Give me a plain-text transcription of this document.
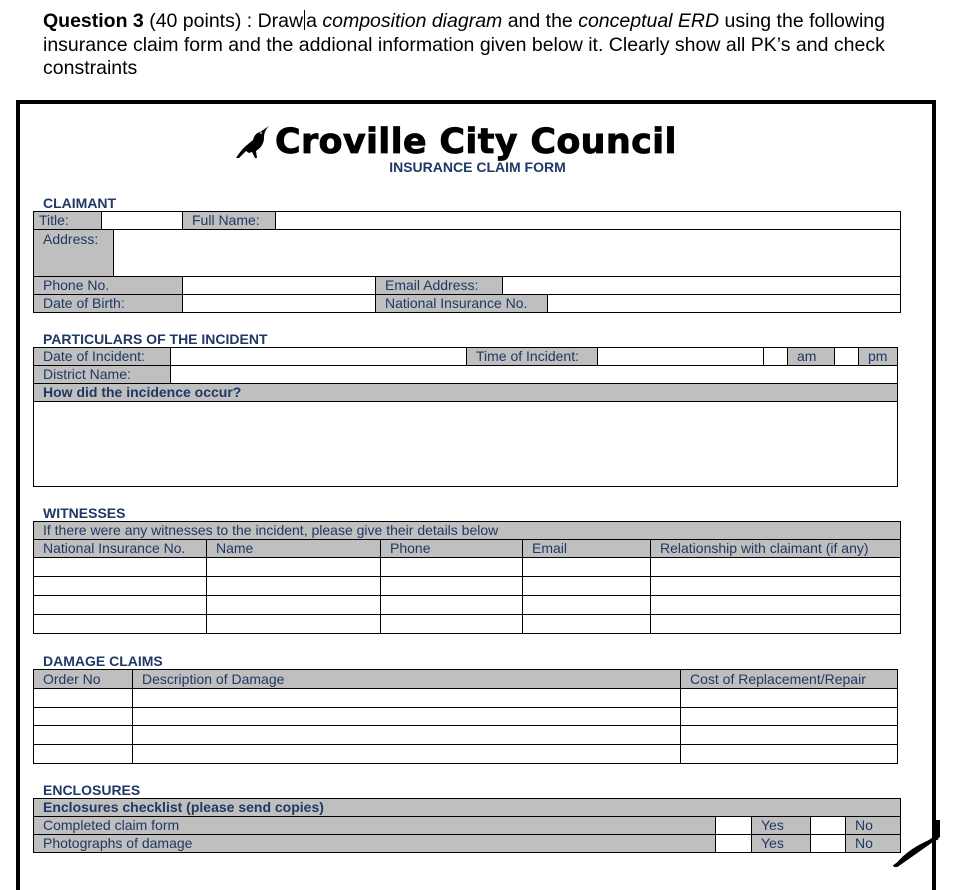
Question 3 (40 points) : Draw a composition diagram and the conceptual ERD using the following insurance claim form and the addional information given below it. Clearly show all PK’s and check constraints
Croville City Council
INSURANCE CLAIM FORM
CLAIMANT
Title:	Full Name:
Address:
Phone No.	Email Address:
Date of Birth:	National Insurance No.
PARTICULARS OF THE INCIDENT
Date of Incident:	Time of Incident:	am	pm
District Name:
How did the incidence occur?
WITNESSES
If there were any witnesses to the incident, please give their details below
National Insurance No.	Name	Phone	Email	Relationship with claimant (if any)
DAMAGE CLAIMS
Order No	Description of Damage	Cost of Replacement/Repair
ENCLOSURES
Enclosures checklist (please send copies)
Completed claim form	Yes	No
Photographs of damage	Yes	No
